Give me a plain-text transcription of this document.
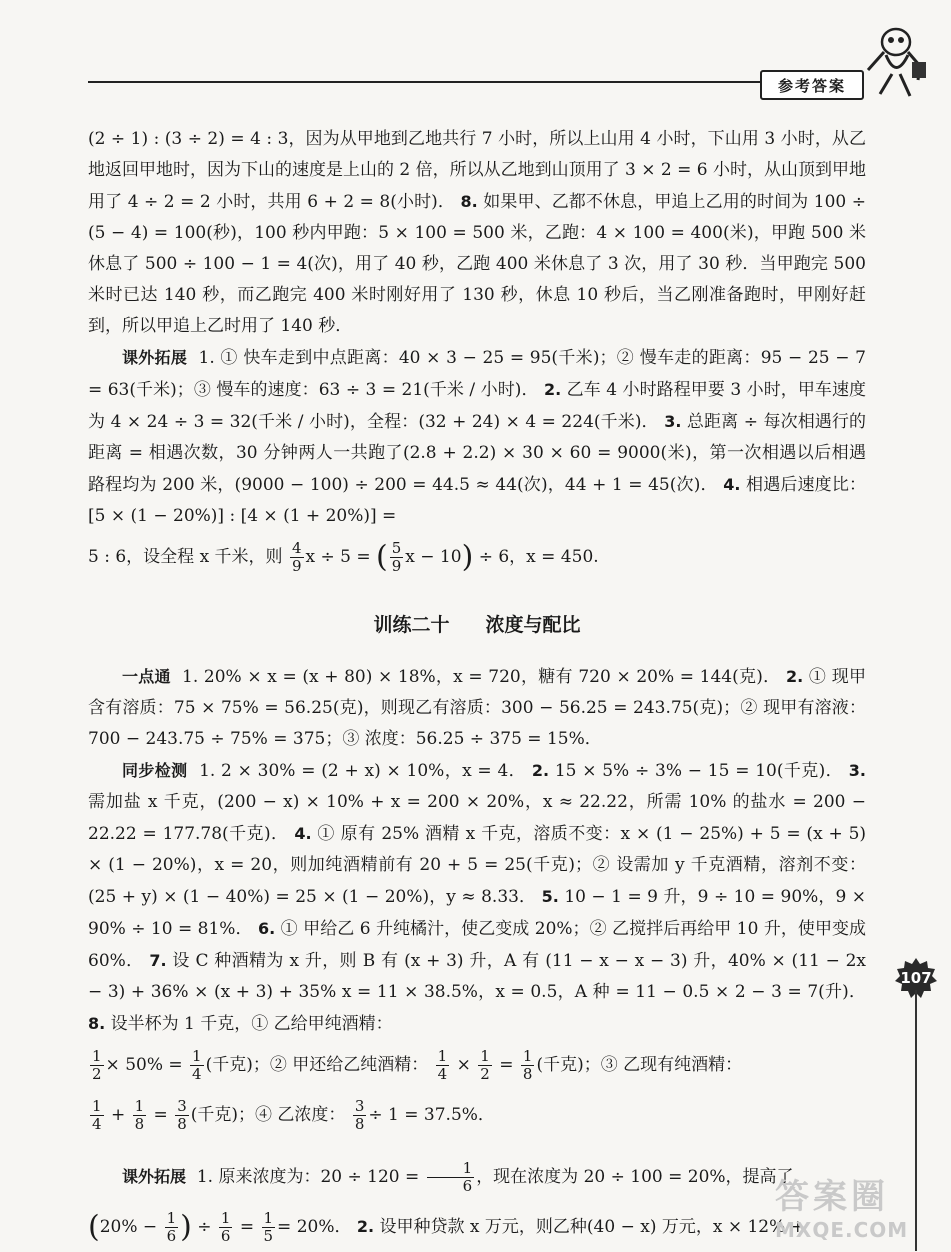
参考答案

(2 ÷ 1) : (3 ÷ 2) = 4 : 3，因为从甲地到乙地共行 7 小时，所以上山用 4 小时，下山用 3 小时，从乙地返回甲地时，因为下山的速度是上山的 2 倍，所以从乙地到山顶用了 3 × 2 = 6 小时，从山顶到甲地用了 4 ÷ 2 = 2 小时，共用 6 + 2 = 8(小时)． 8. 如果甲、乙都不休息，甲追上乙用的时间为 100 ÷ (5 − 4) = 100(秒)，100 秒内甲跑：5 × 100 = 500 米，乙跑：4 × 100 = 400(米)，甲跑 500 米休息了 500 ÷ 100 − 1 = 4(次)，用了 40 秒，乙跑 400 米休息了 3 次，用了 30 秒．当甲跑完 500 米时已达 140 秒，而乙跑完 400 米时刚好用了 130 秒，休息 10 秒后，当乙刚准备跑时，甲刚好赶到，所以甲追上乙时用了 140 秒．

课外拓展 1. ① 快车走到中点距离：40 × 3 − 25 = 95(千米)；② 慢车走的距离：95 − 25 − 7 = 63(千米)；③ 慢车的速度：63 ÷ 3 = 21(千米 / 小时)． 2. 乙车 4 小时路程甲要 3 小时，甲车速度为 4 × 24 ÷ 3 = 32(千米 / 小时)，全程：(32 + 24) × 4 = 224(千米)． 3. 总距离 ÷ 每次相遇行的距离 = 相遇次数，30 分钟两人一共跑了(2.8 + 2.2) × 30 × 60 = 9000(米)，第一次相遇以后相遇路程均为 200 米，(9000 − 100) ÷ 200 = 44.5 ≈ 44(次)，44 + 1 = 45(次)． 4. 相遇后速度比：[5 × (1 − 20%)] : [4 × (1 + 20%)] =

5 : 6，设全程 x 千米，则 $\frac{4}{9}$ x ÷ 5 = ( $\frac{5}{9}$ x − 10) ÷ 6，x = 450.

训练二十 浓度与配比

一点通 1. 20% × x = (x + 80) × 18%，x = 720，糖有 720 × 20% = 144(克)． 2. ① 现甲含有溶质：75 × 75% = 56.25(克)，则现乙有溶质：300 − 56.25 = 243.75(克)；② 现甲有溶液：700 − 243.75 ÷ 75% = 375；③ 浓度：56.25 ÷ 375 = 15%．

同步检测 1. 2 × 30% = (2 + x) × 10%，x = 4． 2. 15 × 5% ÷ 3% − 15 = 10(千克)． 3. 需加盐 x 千克，(200 − x) × 10% + x = 200 × 20%，x ≈ 22.22，所需 10% 的盐水 = 200 − 22.22 = 177.78(千克)． 4. ① 原有 25% 酒精 x 千克，溶质不变：x × (1 − 25%) + 5 = (x + 5) × (1 − 20%)，x = 20，则加纯酒精前有 20 + 5 = 25(千克)；② 设需加 y 千克酒精，溶剂不变：(25 + y) × (1 − 40%) = 25 × (1 − 20%)，y ≈ 8.33． 5. 10 − 1 = 9 升，9 ÷ 10 = 90%，9 × 90% ÷ 10 = 81%． 6. ① 甲给乙 6 升纯橘汁，使乙变成 20%；② 乙搅拌后再给甲 10 升，使甲变成 60%． 7. 设 C 种酒精为 x 升，则 B 有 (x + 3) 升，A 有 (11 − x − x − 3) 升，40% × (11 − 2x − 3) + 36% × (x + 3) + 35% x = 11 × 38.5%，x = 0.5，A 种 = 11 − 0.5 × 2 − 3 = 7(升)． 8. 设半杯为 1 千克，① 乙给甲纯酒精：

$\frac{1}{2} \times 50\% = \frac{1}{4}$ (千克)；② 甲还给乙纯酒精： $\frac{1}{4} \times \frac{1}{2} = \frac{1}{8}$ (千克)；③ 乙现有纯酒精：

$\frac{1}{4} + \frac{1}{8} = \frac{3}{8}$ (千克)；④ 乙浓度： $\frac{3}{8} \div 1 = 37.5\%$．

课外拓展 1. 原来浓度为：$20 \div 120 = \frac{1}{6}$ ，现在浓度为 20 ÷ 100 = 20%，提高了

($20\% - \frac{1}{6}$ ) ÷ $\frac{1}{6} = \frac{1}{5} = 20\%$． 2. 设甲种贷款 x 万元，则乙种(40 − x) 万元，x × 12% +

107
答案圈
MXQE.COM
